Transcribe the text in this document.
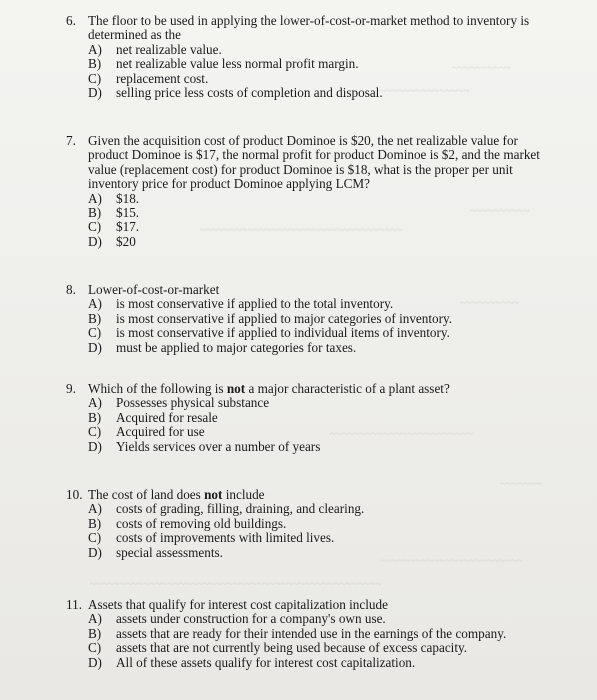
~~~~~~~~~~
~~~~~~~~~~~~~~~
~~~~~~~~~~
~~~~~~~~~~~~~~~~~~~~~~~~~~~~~~~~~~
~~~~~~~~~~
~~~~~~~~~~~~~~~~~~~~~~~~
~~~~~~~
~~~~~~~~~~~~~~~~~~~~~~~~
~~~~~~~~~~~~~~~~~~~~~~~~~~~~~~~~~~~~~~~~~~~~~~~~~
6. The floor to be used in applying the lower-of-cost-or-market method to inventory is
determined as the
A) net realizable value.
B) net realizable value less normal profit margin.
C) replacement cost.
D) selling price less costs of completion and disposal.
7. Given the acquisition cost of product Dominoe is $20, the net realizable value for
product Dominoe is $17, the normal profit for product Dominoe is $2, and the market
value (replacement cost) for product Dominoe is $18, what is the proper per unit
inventory price for product Dominoe applying LCM?
A) $18.
B) $15.
C) $17.
D) $20
8. Lower-of-cost-or-market
A) is most conservative if applied to the total inventory.
B) is most conservative if applied to major categories of inventory.
C) is most conservative if applied to individual items of inventory.
D) must be applied to major categories for taxes.
9. Which of the following is not a major characteristic of a plant asset?
A) Possesses physical substance
B) Acquired for resale
C) Acquired for use
D) Yields services over a number of years
10. The cost of land does not include
A) costs of grading, filling, draining, and clearing.
B) costs of removing old buildings.
C) costs of improvements with limited lives.
D) special assessments.
11. Assets that qualify for interest cost capitalization include
A) assets under construction for a company's own use.
B) assets that are ready for their intended use in the earnings of the company.
C) assets that are not currently being used because of excess capacity.
D) All of these assets qualify for interest cost capitalization.
